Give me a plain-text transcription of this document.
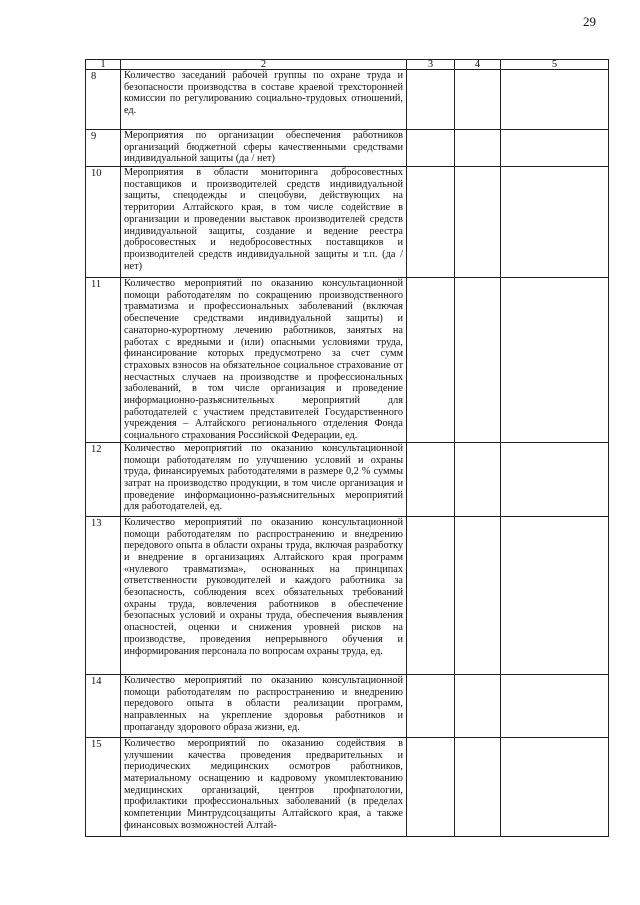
29
1	2	3	4	5
8	Количество заседаний рабочей группы по охране труда и безопасности производства в составе краевой трехсторонней комиссии по регулированию социально-трудовых отношений, ед.			
9	Мероприятия по организации обеспечения работников организаций бюджетной сферы качественными средствами индивидуальной защиты (да / нет)			
10	Мероприятия в области мониторинга добросовестных поставщиков и производителей средств индивидуальной защиты, спецодежды и спецобуви, действующих на территории Алтайского края, в том числе содействие в организации и проведении выставок производителей средств индивидуальной защиты, создание и ведение реестра добросовестных и недобросовестных поставщиков и производителей средств индивидуальной защиты и т.п. (да / нет)			
11	Количество мероприятий по оказанию консультационной помощи работодателям по сокращению производственного травматизма и профессиональных заболеваний (включая обеспечение средствами индивидуальной защиты) и санаторно-курортному лечению работников, занятых на работах с вредными и (или) опасными условиями труда, финансирование которых предусмотрено за счет сумм страховых взносов на обязательное социальное страхование от несчастных случаев на производстве и профессиональных заболеваний, в том числе организация и проведение информационно-разъяснительных мероприятий для работодателей с участием представителей Государственного учреждения – Алтайского регионального отделения Фонда социального страхования Российской Федерации, ед.			
12	Количество мероприятий по оказанию консультационной помощи работодателям по улучшению условий и охраны труда, финансируемых работодателями в размере 0,2 % суммы затрат на производство продукции, в том числе организация и проведение информационно-разъяснительных мероприятий для работодателей, ед.			
13	Количество мероприятий по оказанию консультационной помощи работодателям по распространению и внедрению передового опыта в области охраны труда, включая разработку и внедрение в организациях Алтайского края программ «нулевого травматизма», основанных на принципах ответственности руководителей и каждого работника за безопасность, соблюдения всех обязательных требований охраны труда, вовлечения работников в обеспечение безопасных условий и охраны труда, обеспечения выявления опасностей, оценки и снижения уровней рисков на производстве, проведения непрерывного обучения и информирования персонала по вопросам охраны труда, ед.			
14	Количество мероприятий по оказанию консультационной помощи работодателям по распространению и внедрению передового опыта в области реализации программ, направленных на укрепление здоровья работников и пропаганду здорового образа жизни, ед.			
15	Количество мероприятий по оказанию содействия в улучшении качества проведения предварительных и периодических медицинских осмотров работников, материальному оснащению и кадровому укомплектованию медицинских организаций, центров профпатологии, профилактики профессиональных заболеваний (в пределах компетенции Минтрудсоцзащиты Алтайского края, а также финансовых возможностей Алтай-			
